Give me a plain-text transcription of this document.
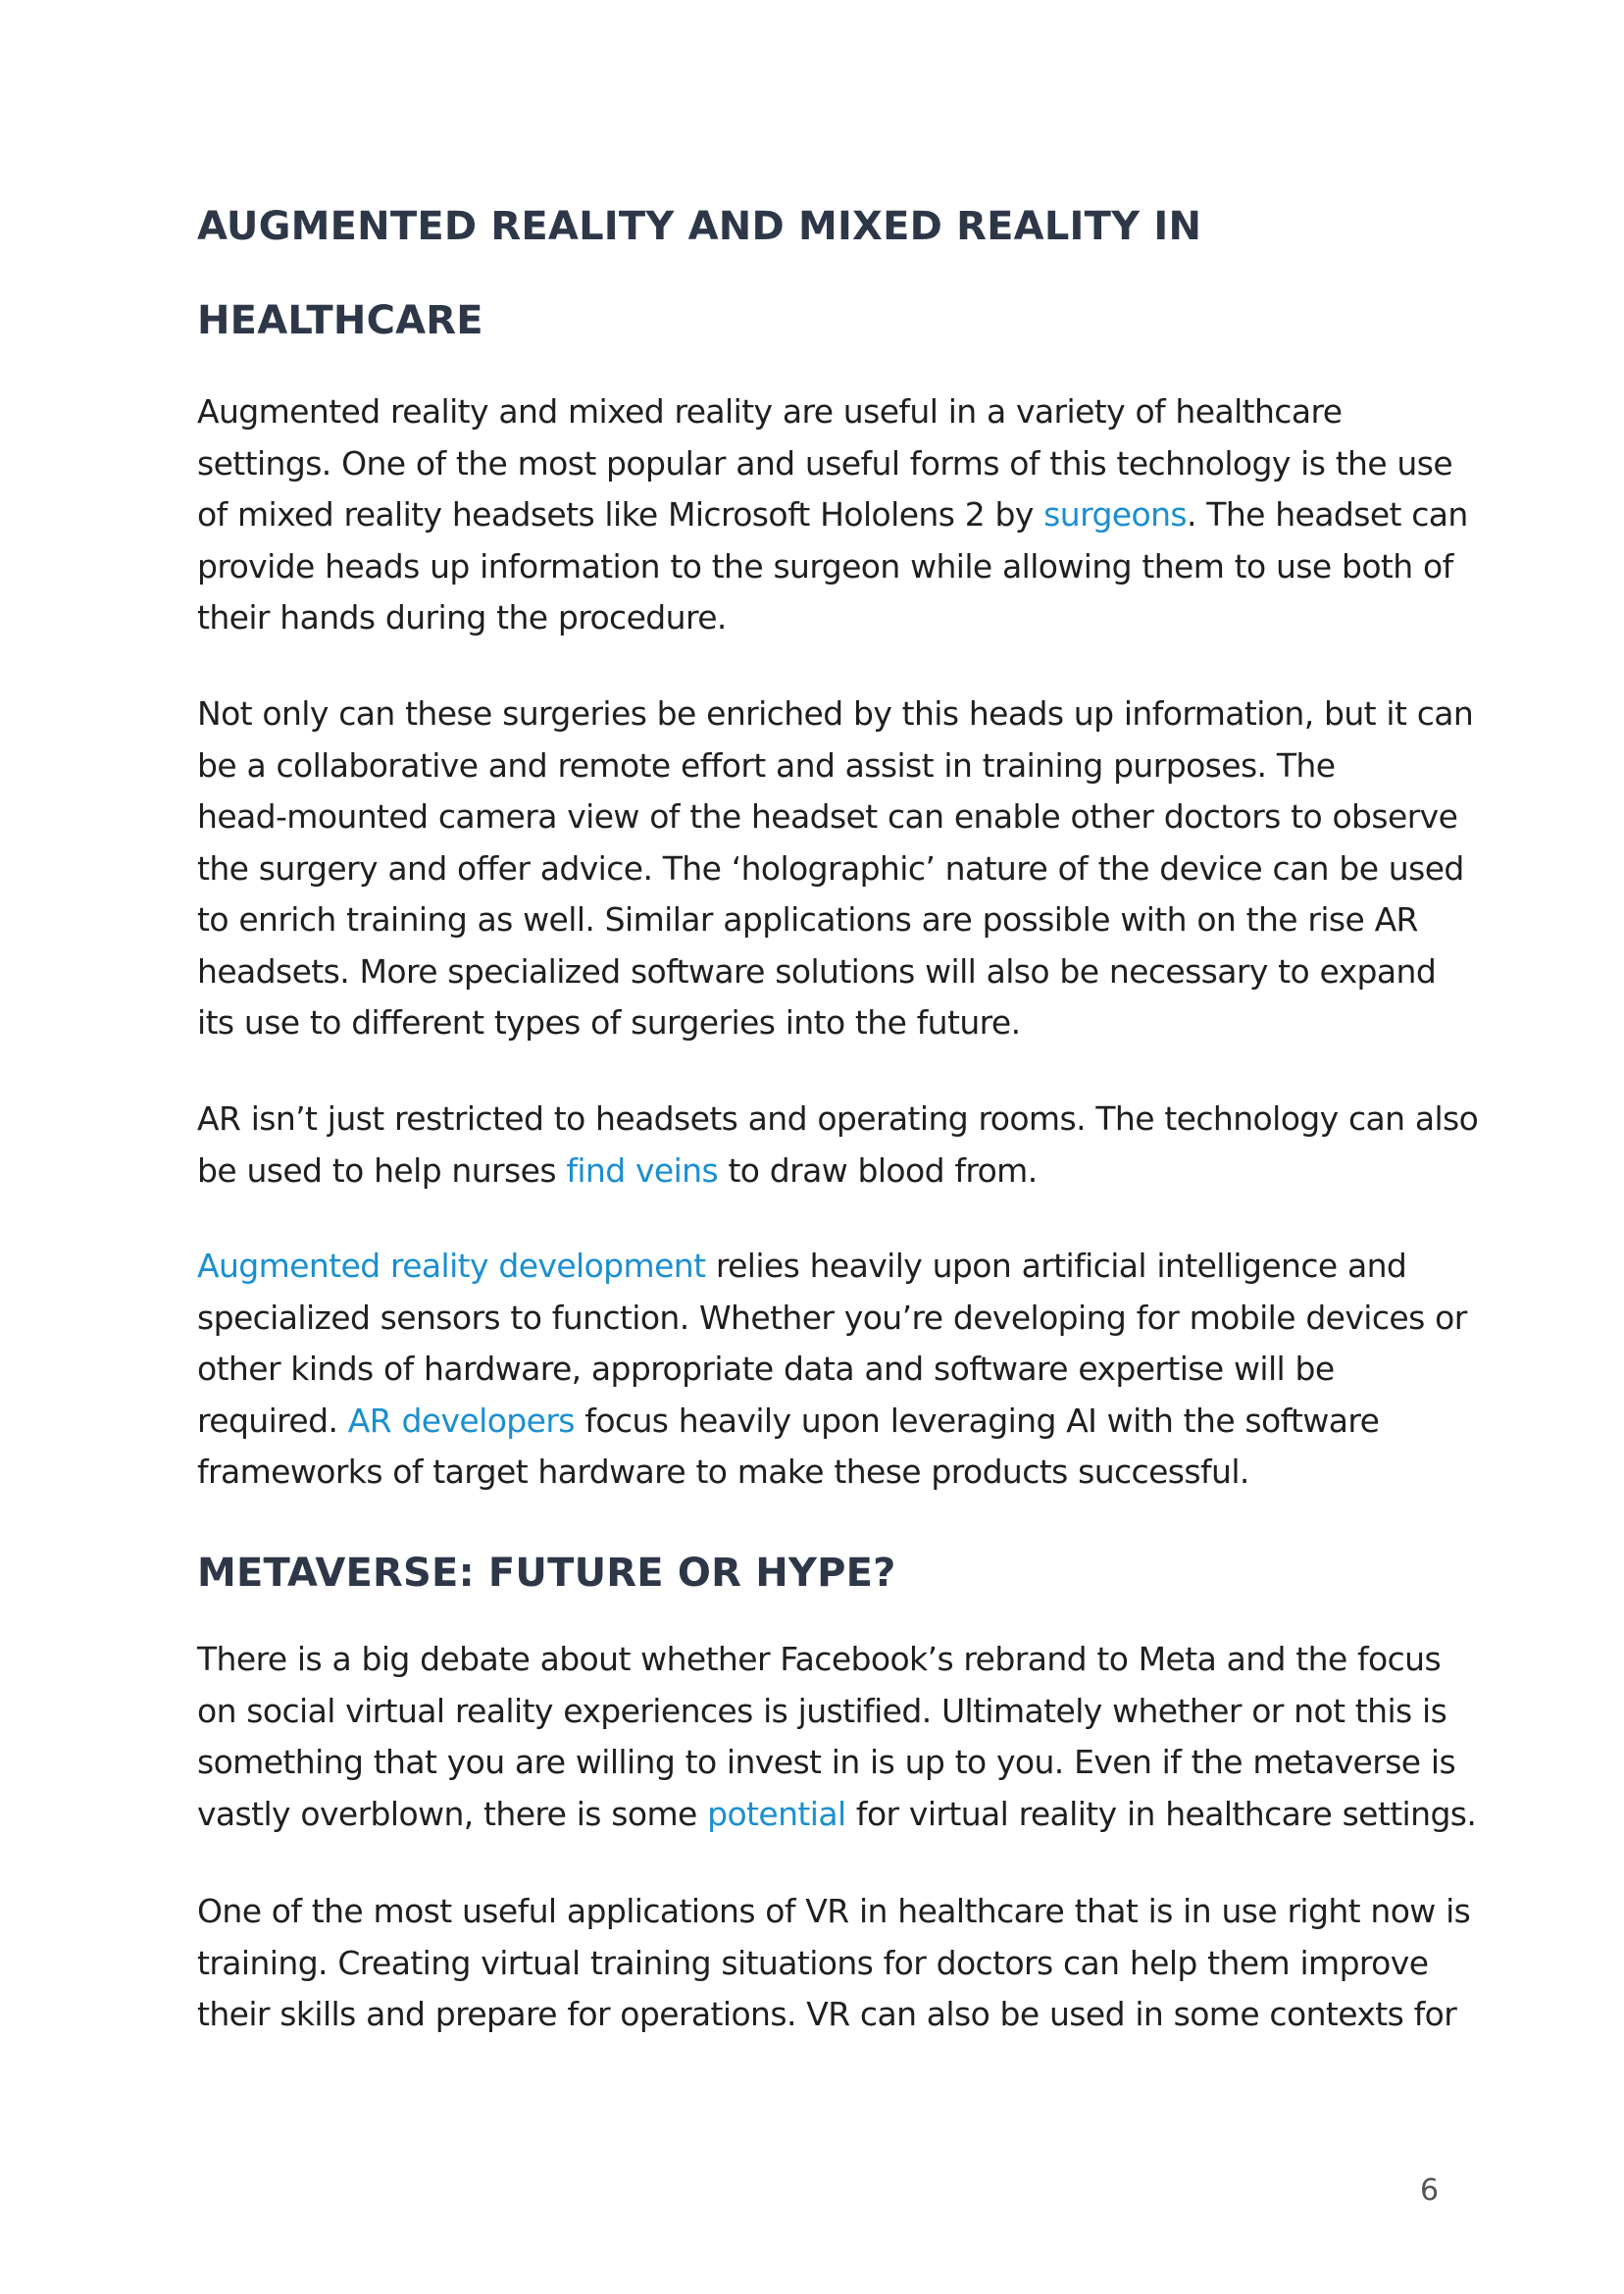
AUGMENTED REALITY AND MIXED REALITY IN
HEALTHCARE

Augmented reality and mixed reality are useful in a variety of healthcare
settings. One of the most popular and useful forms of this technology is the use
of mixed reality headsets like Microsoft Hololens 2 by surgeons. The headset can
provide heads up information to the surgeon while allowing them to use both of
their hands during the procedure.

Not only can these surgeries be enriched by this heads up information, but it can
be a collaborative and remote effort and assist in training purposes. The
head-mounted camera view of the headset can enable other doctors to observe
the surgery and offer advice. The ‘holographic’ nature of the device can be used
to enrich training as well. Similar applications are possible with on the rise AR
headsets. More specialized software solutions will also be necessary to expand
its use to different types of surgeries into the future.

AR isn’t just restricted to headsets and operating rooms. The technology can also
be used to help nurses find veins to draw blood from.

Augmented reality development relies heavily upon artificial intelligence and
specialized sensors to function. Whether you’re developing for mobile devices or
other kinds of hardware, appropriate data and software expertise will be
required. AR developers focus heavily upon leveraging AI with the software
frameworks of target hardware to make these products successful.

METAVERSE: FUTURE OR HYPE?

There is a big debate about whether Facebook’s rebrand to Meta and the focus
on social virtual reality experiences is justified. Ultimately whether or not this is
something that you are willing to invest in is up to you. Even if the metaverse is
vastly overblown, there is some potential for virtual reality in healthcare settings.

One of the most useful applications of VR in healthcare that is in use right now is
training. Creating virtual training situations for doctors can help them improve
their skills and prepare for operations. VR can also be used in some contexts for

6
